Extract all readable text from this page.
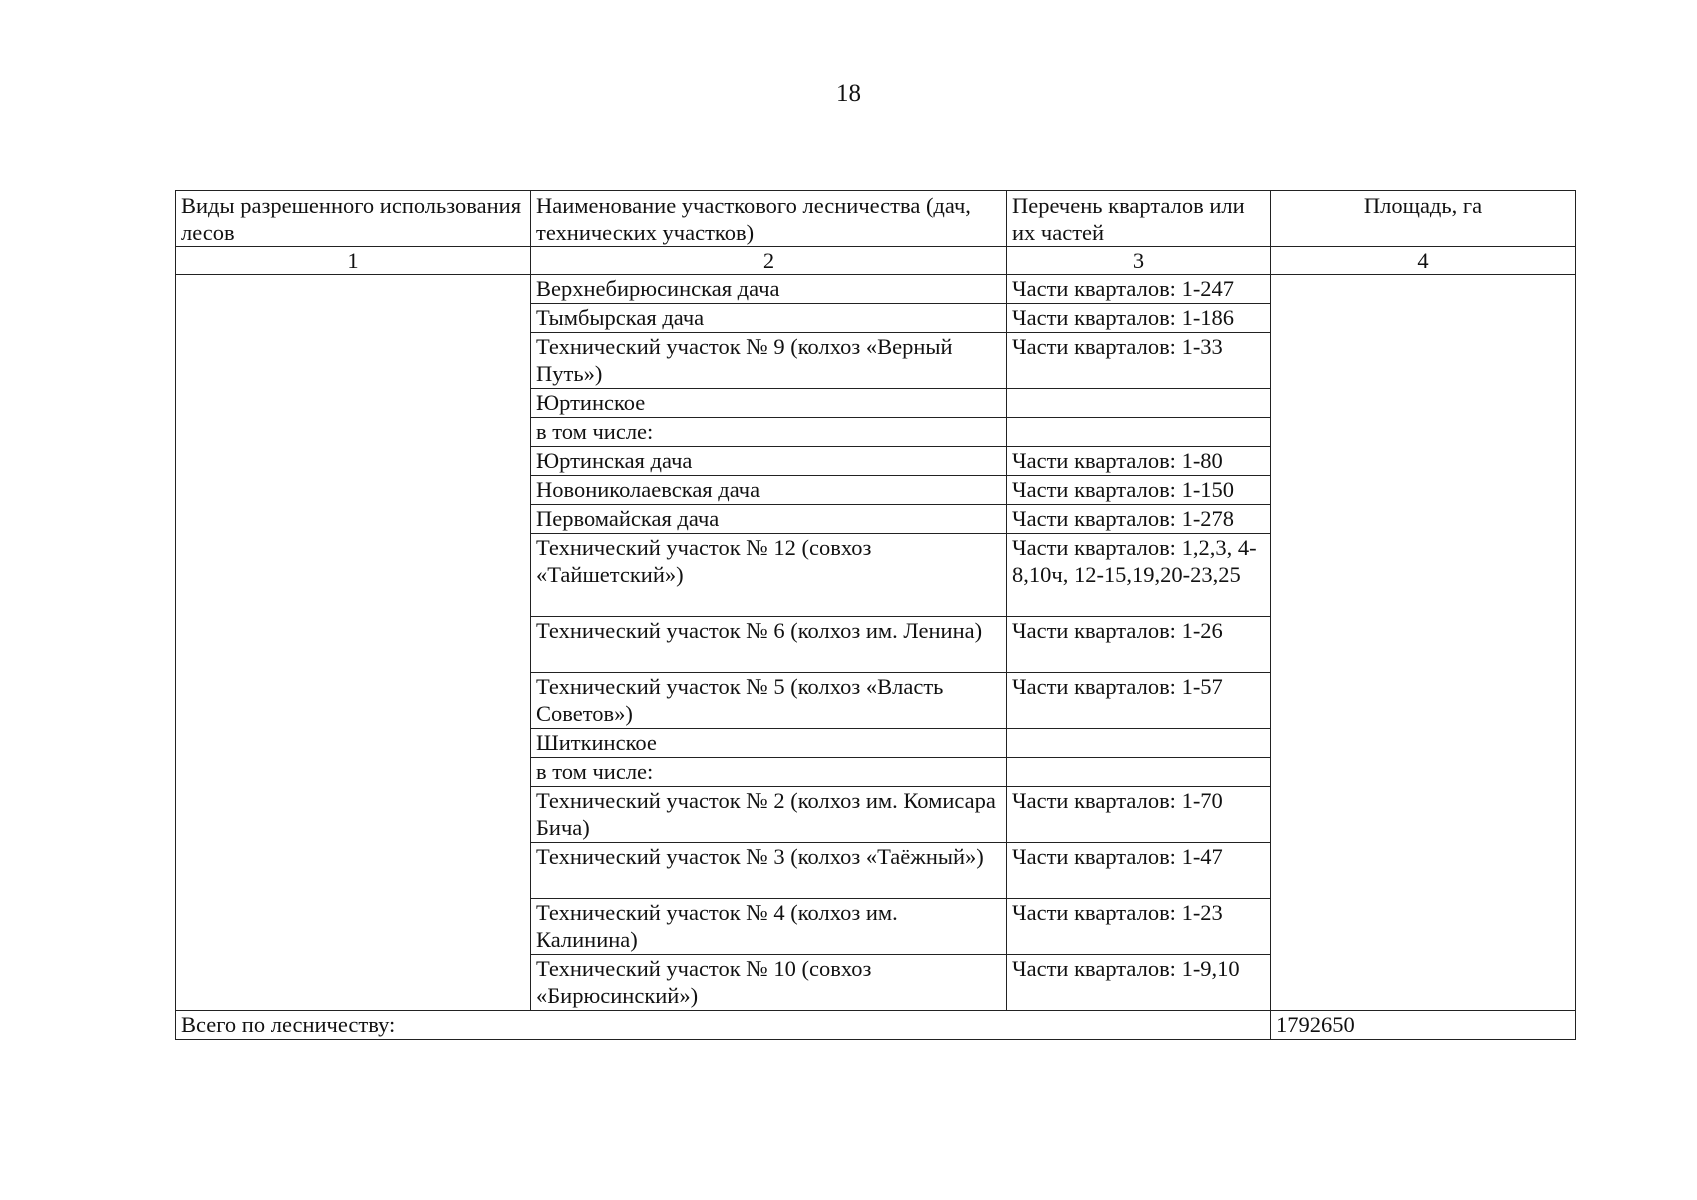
18
Виды разрешенного использования лесов	Наименование участкового лесничества (дач, технических участков)	Перечень кварталов или их частей	Площадь, га
1	2	3	4
	Верхнебирюсинская дача	Части кварталов: 1-247	
	Тымбырская дача	Части кварталов: 1-186	
	Технический участок № 9 (колхоз «Верный Путь»)	Части кварталов: 1-33	
	Юртинское		
	в том числе:		
	Юртинская дача	Части кварталов: 1-80	
	Новониколаевская дача	Части кварталов: 1-150	
	Первомайская дача	Части кварталов: 1-278	
	Технический участок № 12 (совхоз «Тайшетский»)	Части кварталов: 1,2,3, 4-8,10ч, 12-15,19,20-23,25	
	Технический участок № 6 (колхоз им. Ленина)	Части кварталов: 1-26	
	Технический участок № 5 (колхоз «Власть Советов»)	Части кварталов: 1-57	
	Шиткинское		
	в том числе:		
	Технический участок № 2 (колхоз им. Комисара Бича)	Части кварталов: 1-70	
	Технический участок № 3 (колхоз «Таёжный»)	Части кварталов: 1-47	
	Технический участок № 4 (колхоз им. Калинина)	Части кварталов: 1-23	
	Технический участок № 10 (совхоз «Бирюсинский»)	Части кварталов: 1-9,10	
Всего по лесничеству:			1792650
